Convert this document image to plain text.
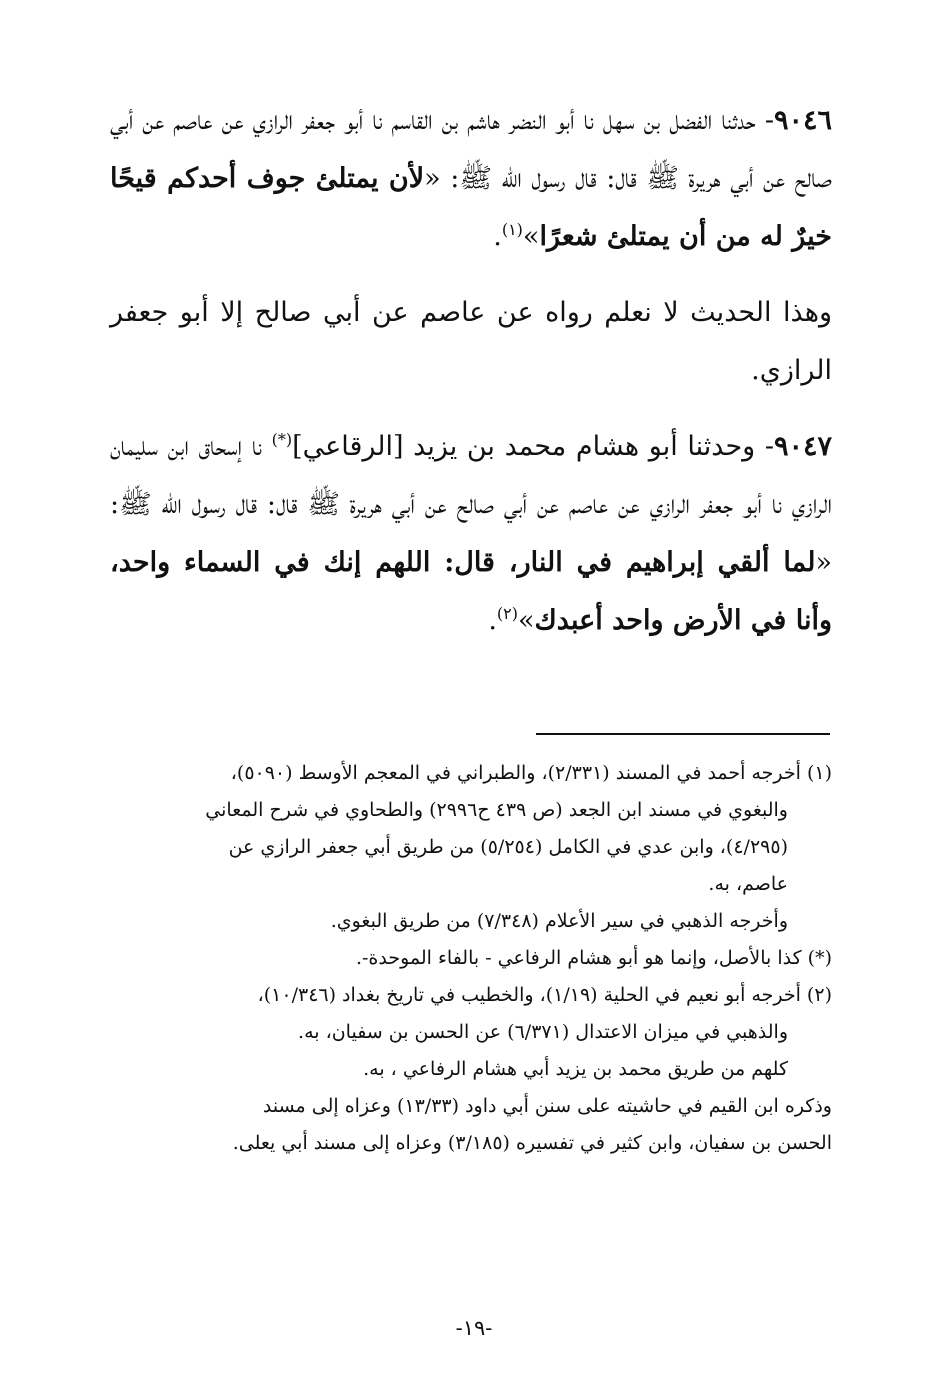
٩٠٤٦- حدثنا الفضل بن سهل نا أبو النضر هاشم بن القاسم نا أبو جعفر الرازي عن عاصم عن أبي صالح عن أبي هريرة ﷺ قال: قال رسول الله ﷺ: «لأن يمتلئ جوف أحدكم قيحًا خيرٌ له من أن يمتلئ شعرًا»$^{(١)}$.

وهذا الحديث لا نعلم رواه عن عاصم عن أبي صالح إلا أبو جعفر الرازي.

٩٠٤٧- وحدثنا أبو هشام محمد بن يزيد [الرقاعي](*) نا إسحاق ابن سليمان الرازي نا أبو جعفر الرازي عن عاصم عن أبي صالح عن أبي هريرة ﷺ قال: قال رسول الله ﷺ: «لما ألقي إبراهيم في النار، قال: اللهم إنك في السماء واحد، وأنا في الأرض واحد أعبدك»$^{(٢)}$.

(١) أخرجه أحمد في المسند (٢/٣٣١)، والطبراني في المعجم الأوسط (٥٠٩٠)،
والبغوي في مسند ابن الجعد (ص ٤٣٩ ح٢٩٩٦) والطحاوي في شرح المعاني
(٤/٢٩٥)، وابن عدي في الكامل (٥/٢٥٤) من طريق أبي جعفر الرازي عن
عاصم، به.
وأخرجه الذهبي في سير الأعلام (٧/٣٤٨) من طريق البغوي.
(*) كذا بالأصل، وإنما هو أبو هشام الرفاعي - بالفاء الموحدة-.
(٢) أخرجه أبو نعيم في الحلية (١/١٩)، والخطيب في تاريخ بغداد (١٠/٣٤٦)،
والذهبي في ميزان الاعتدال (٦/٣٧١) عن الحسن بن سفيان، به.
كلهم من طريق محمد بن يزيد أبي هشام الرفاعي ، به.
وذكره ابن القيم في حاشيته على سنن أبي داود (١٣/٣٣) وعزاه إلى مسند
الحسن بن سفيان، وابن كثير في تفسيره (٣/١٨٥) وعزاه إلى مسند أبي يعلى.
-١٩-
